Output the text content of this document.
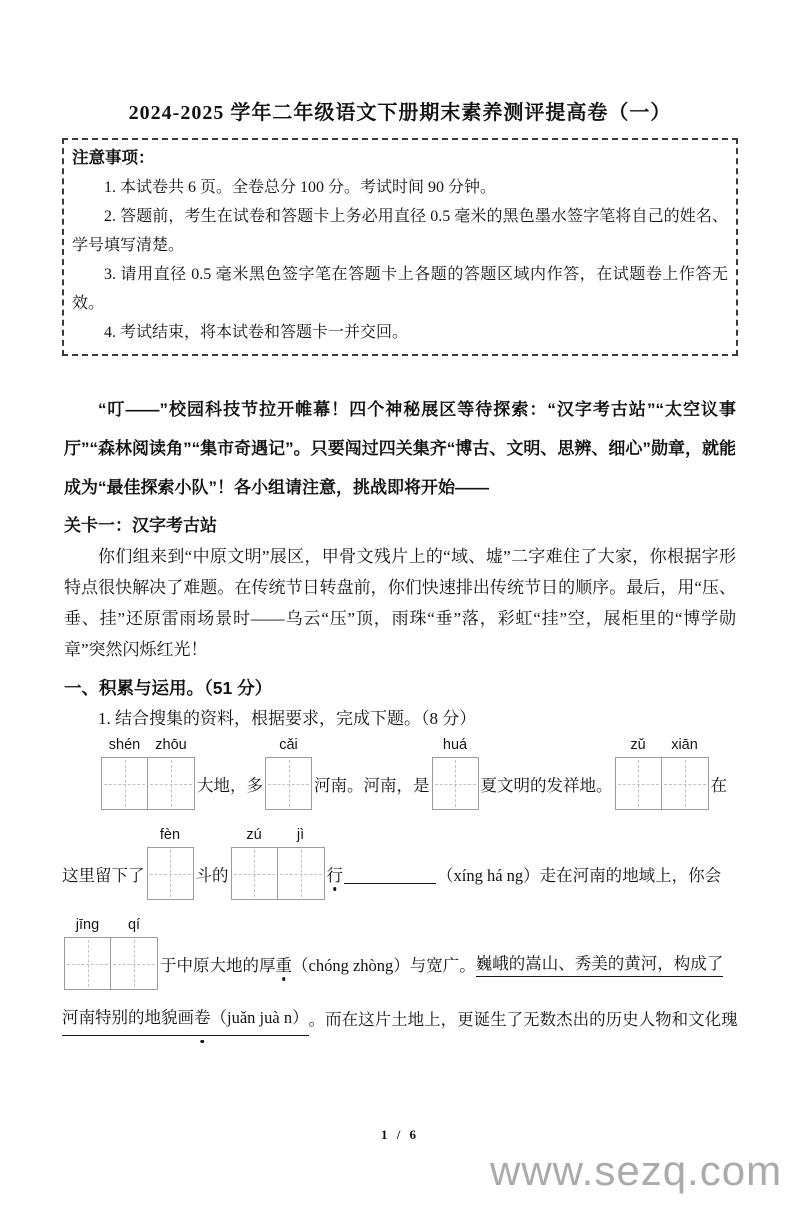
2024-2025 学年二年级语文下册期末素养测评提高卷（一）
注意事项：

1. 本试卷共 6 页。全卷总分 100 分。考试时间 90 分钟。

2. 答题前，考生在试卷和答题卡上务必用直径 0.5 毫米的黑色墨水签字笔将自己的姓名、学号填写清楚。

3. 请用直径 0.5 毫米黑色签字笔在答题卡上各题的答题区域内作答，在试题卷上作答无效。

4. 考试结束，将本试卷和答题卡一并交回。

“叮——”校园科技节拉开帷幕！四个神秘展区等待探索：“汉字考古站”“太空议事厅”“森林阅读角”“集市奇遇记”。只要闯过四关集齐“博古、文明、思辨、细心”勋章，就能成为“最佳探索小队”！各小组请注意，挑战即将开始——

关卡一：汉字考古站

你们组来到“中原文明”展区，甲骨文残片上的“域、墟”二字难住了大家，你根据字形特点很快解决了难题。在传统节日转盘前，你们快速排出传统节日的顺序。最后，用“压、垂、挂”还原雷雨场景时——乌云“压”顶，雨珠“垂”落，彩虹“挂”空，展柜里的“博学勋章”突然闪烁红光！

一、积累与运用。（51 分）

1. 结合搜集的资料，根据要求，完成下题。（8 分）

shén	zhōu
大地，多
cǎi
河南。河南，是
huá
夏文明的发祥地。
zǔ	xiān
在
这里留下了
fèn
斗的
zú	jì
行	（xíng há ng）走在河南的地域上，你会
jīng	qí
于中原大地的厚 重 （chóng zhòng）与宽广。 巍峨的嵩山、秀美的黄河，构成了
河南特别的地貌画 卷 （juǎn juà n） 。而在这片土地上，更诞生了无数杰出的历史人物和文化瑰
1 / 6
www.sezq.com
